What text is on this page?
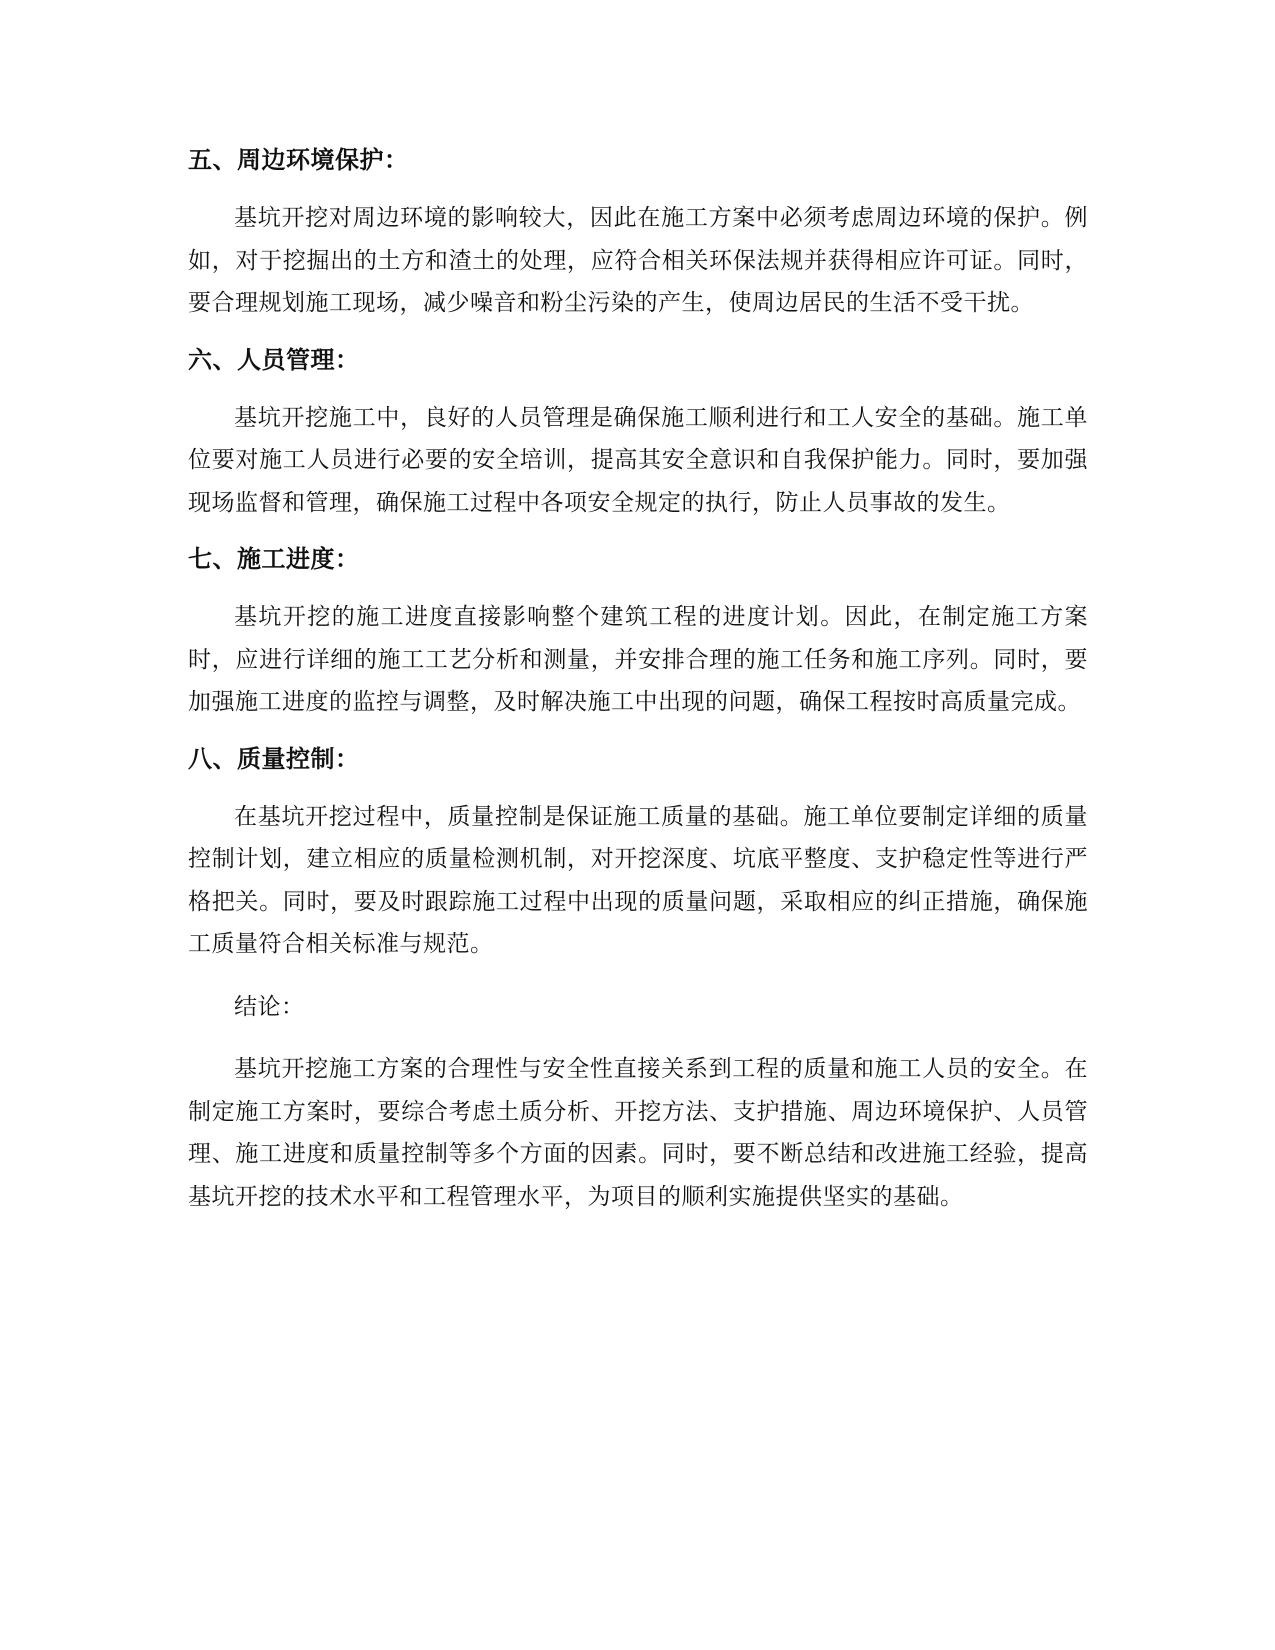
五、周边环境保护：

基坑开挖对周边环境的影响较大，因此在施工方案中必须考虑周边环境的保护。例如，对于挖掘出的土方和渣土的处理，应符合相关环保法规并获得相应许可证。同时，要合理规划施工现场，减少噪音和粉尘污染的产生，使周边居民的生活不受干扰。

六、人员管理：

基坑开挖施工中，良好的人员管理是确保施工顺利进行和工人安全的基础。施工单位要对施工人员进行必要的安全培训，提高其安全意识和自我保护能力。同时，要加强现场监督和管理，确保施工过程中各项安全规定的执行，防止人员事故的发生。

七、施工进度：

基坑开挖的施工进度直接影响整个建筑工程的进度计划。因此，在制定施工方案时，应进行详细的施工工艺分析和测量，并安排合理的施工任务和施工序列。同时，要加强施工进度的监控与调整，及时解决施工中出现的问题，确保工程按时高质量完成。

八、质量控制：

在基坑开挖过程中，质量控制是保证施工质量的基础。施工单位要制定详细的质量控制计划，建立相应的质量检测机制，对开挖深度、坑底平整度、支护稳定性等进行严格把关。同时，要及时跟踪施工过程中出现的质量问题，采取相应的纠正措施，确保施工质量符合相关标准与规范。

结论：

基坑开挖施工方案的合理性与安全性直接关系到工程的质量和施工人员的安全。在制定施工方案时，要综合考虑土质分析、开挖方法、支护措施、周边环境保护、人员管理、施工进度和质量控制等多个方面的因素。同时，要不断总结和改进施工经验，提高基坑开挖的技术水平和工程管理水平，为项目的顺利实施提供坚实的基础。
